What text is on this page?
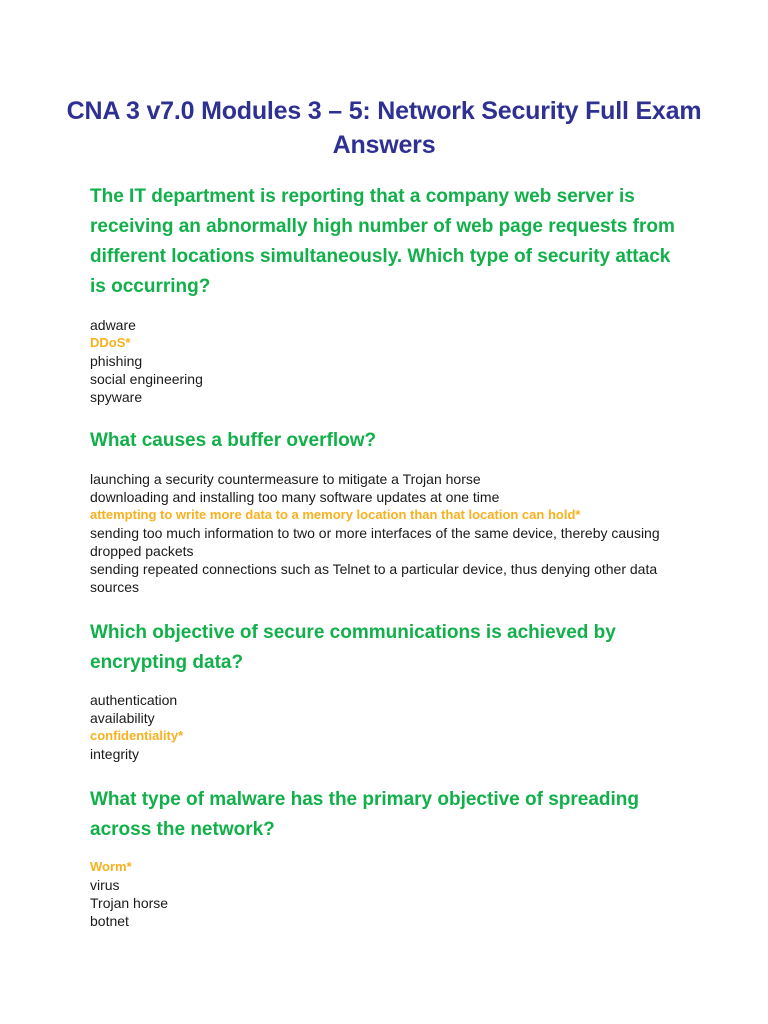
CNA 3 v7.0 Modules 3 – 5: Network Security Full Exam Answers

The IT department is reporting that a company web server is receiving an abnormally high number of web page requests from different locations simultaneously. Which type of security attack is occurring?

adware
DDoS*
phishing
social engineering
spyware

What causes a buffer overflow?

launching a security countermeasure to mitigate a Trojan horse
downloading and installing too many software updates at one time
attempting to write more data to a memory location than that location can hold*
sending too much information to two or more interfaces of the same device, thereby causing dropped packets
sending repeated connections such as Telnet to a particular device, thus denying other data sources

Which objective of secure communications is achieved by encrypting data?

authentication
availability
confidentiality*
integrity

What type of malware has the primary objective of spreading across the network?

Worm*
virus
Trojan horse
botnet
